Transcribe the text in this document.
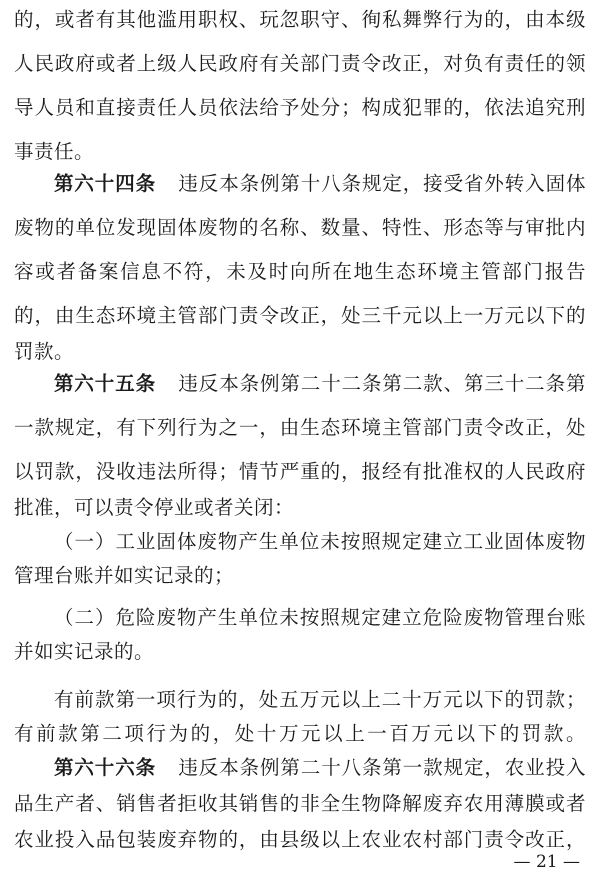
的，或者有其他滥用职权、玩忽职守、徇私舞弊行为的，由本级
人民政府或者上级人民政府有关部门责令改正，对负有责任的领
导人员和直接责任人员依法给予处分；构成犯罪的，依法追究刑
事责任。
第六十四条 违反本条例第十八条规定，接受省外转入固体
废物的单位发现固体废物的名称、数量、特性、形态等与审批内
容或者备案信息不符，未及时向所在地生态环境主管部门报告
的，由生态环境主管部门责令改正，处三千元以上一万元以下的
罚款。
第六十五条 违反本条例第二十二条第二款、第三十二条第
一款规定，有下列行为之一，由生态环境主管部门责令改正，处
以罚款，没收违法所得；情节严重的，报经有批准权的人民政府
批准，可以责令停业或者关闭：
（一）工业固体废物产生单位未按照规定建立工业固体废物
管理台账并如实记录的；
（二）危险废物产生单位未按照规定建立危险废物管理台账
并如实记录的。
有前款第一项行为的，处五万元以上二十万元以下的罚款；
有前款第二项行为的，处十万元以上一百万元以下的罚款。
第六十六条 违反本条例第二十八条第一款规定，农业投入
品生产者、销售者拒收其销售的非全生物降解废弃农用薄膜或者
农业投入品包装废弃物的，由县级以上农业农村部门责令改正，
— 21 —
